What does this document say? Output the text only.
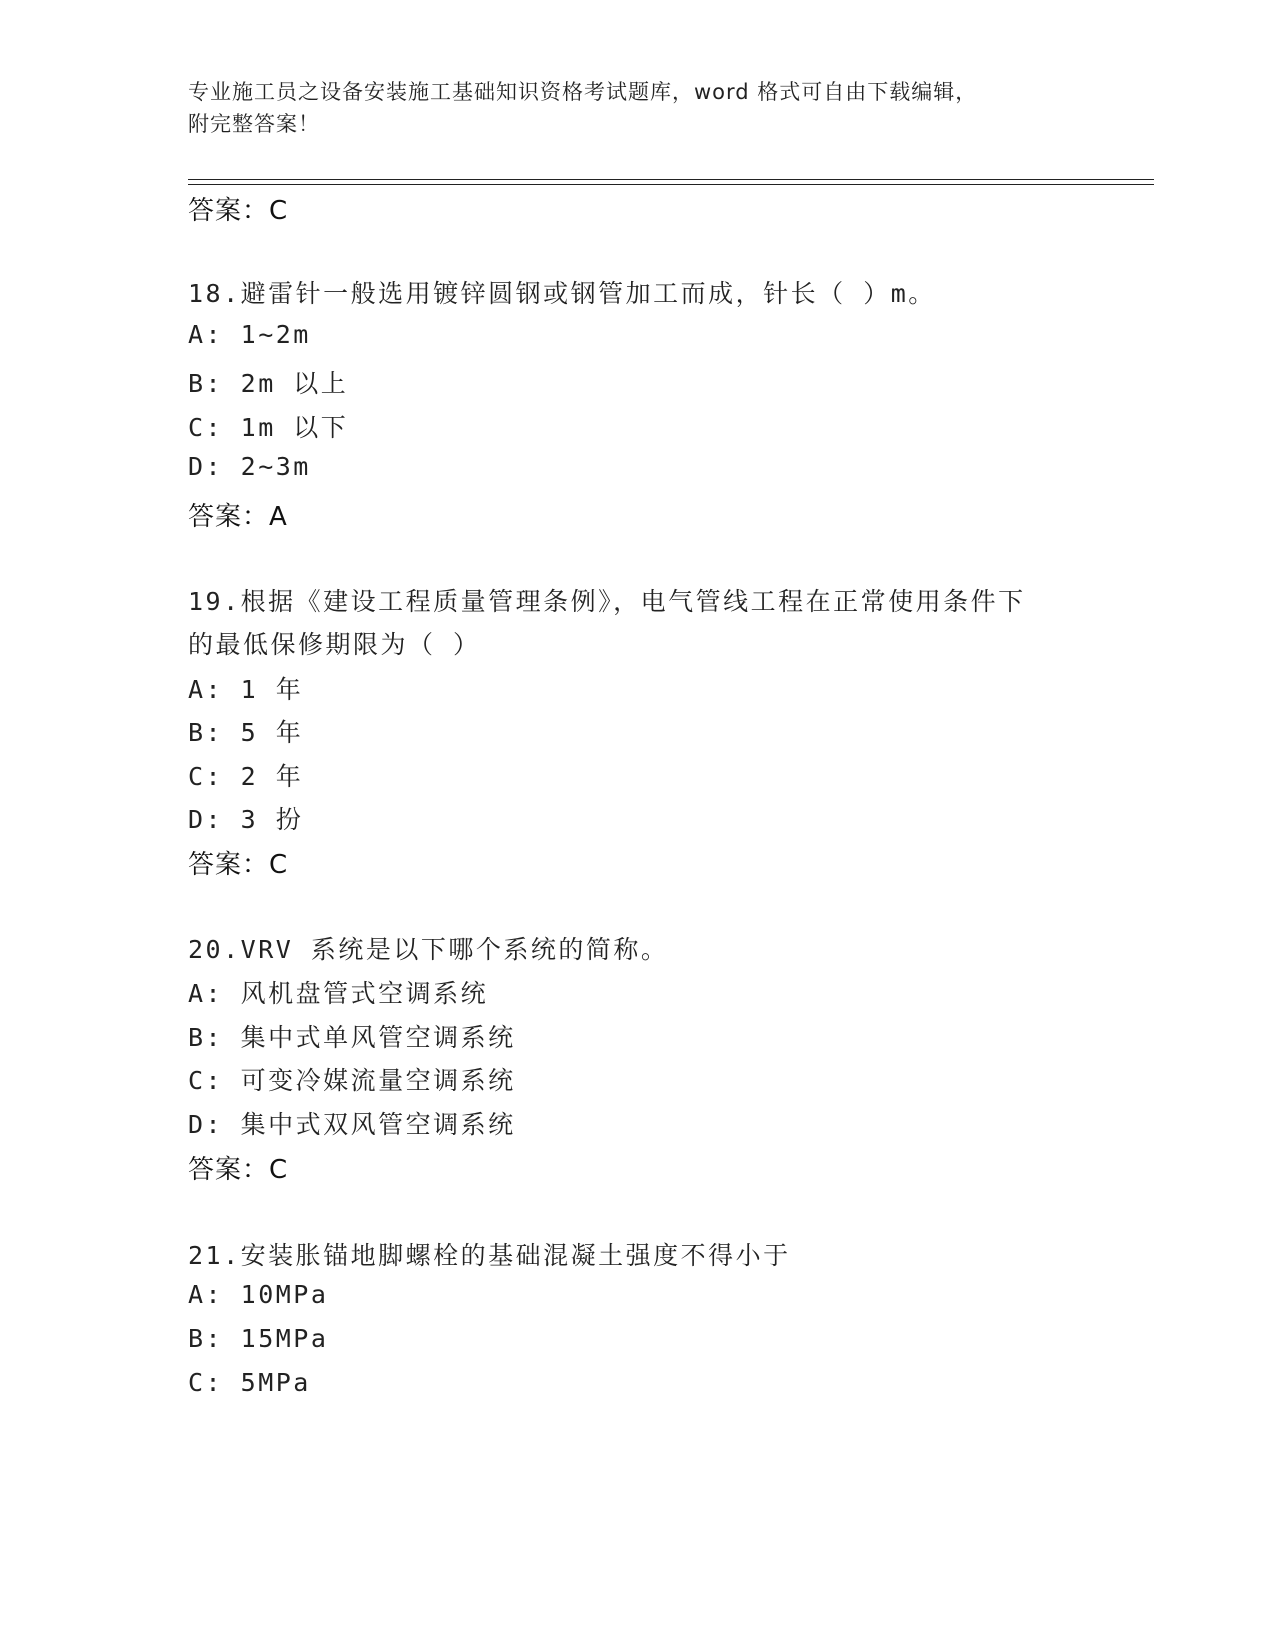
专业施工员之设备安装施工基础知识资格考试题库，word 格式可自由下载编辑，
附完整答案！
答案：C
18.避雷针一般选用镀锌圆钢或钢管加工而成，针长（ ）m。
A: 1~2m
B: 2m 以上
C: 1m 以下
D: 2~3m
答案：A
19.根据《建设工程质量管理条例》，电气管线工程在正常使用条件下
的最低保修期限为（ ）
A: 1 年
B: 5 年
C: 2 年
D: 3 扮
答案：C
20.VRV 系统是以下哪个系统的简称。
A: 风机盘管式空调系统
B: 集中式单风管空调系统
C: 可变冷媒流量空调系统
D: 集中式双风管空调系统
答案：C
21.安装胀锚地脚螺栓的基础混凝土强度不得小于
A: 10MPa
B: 15MPa
C: 5MPa
